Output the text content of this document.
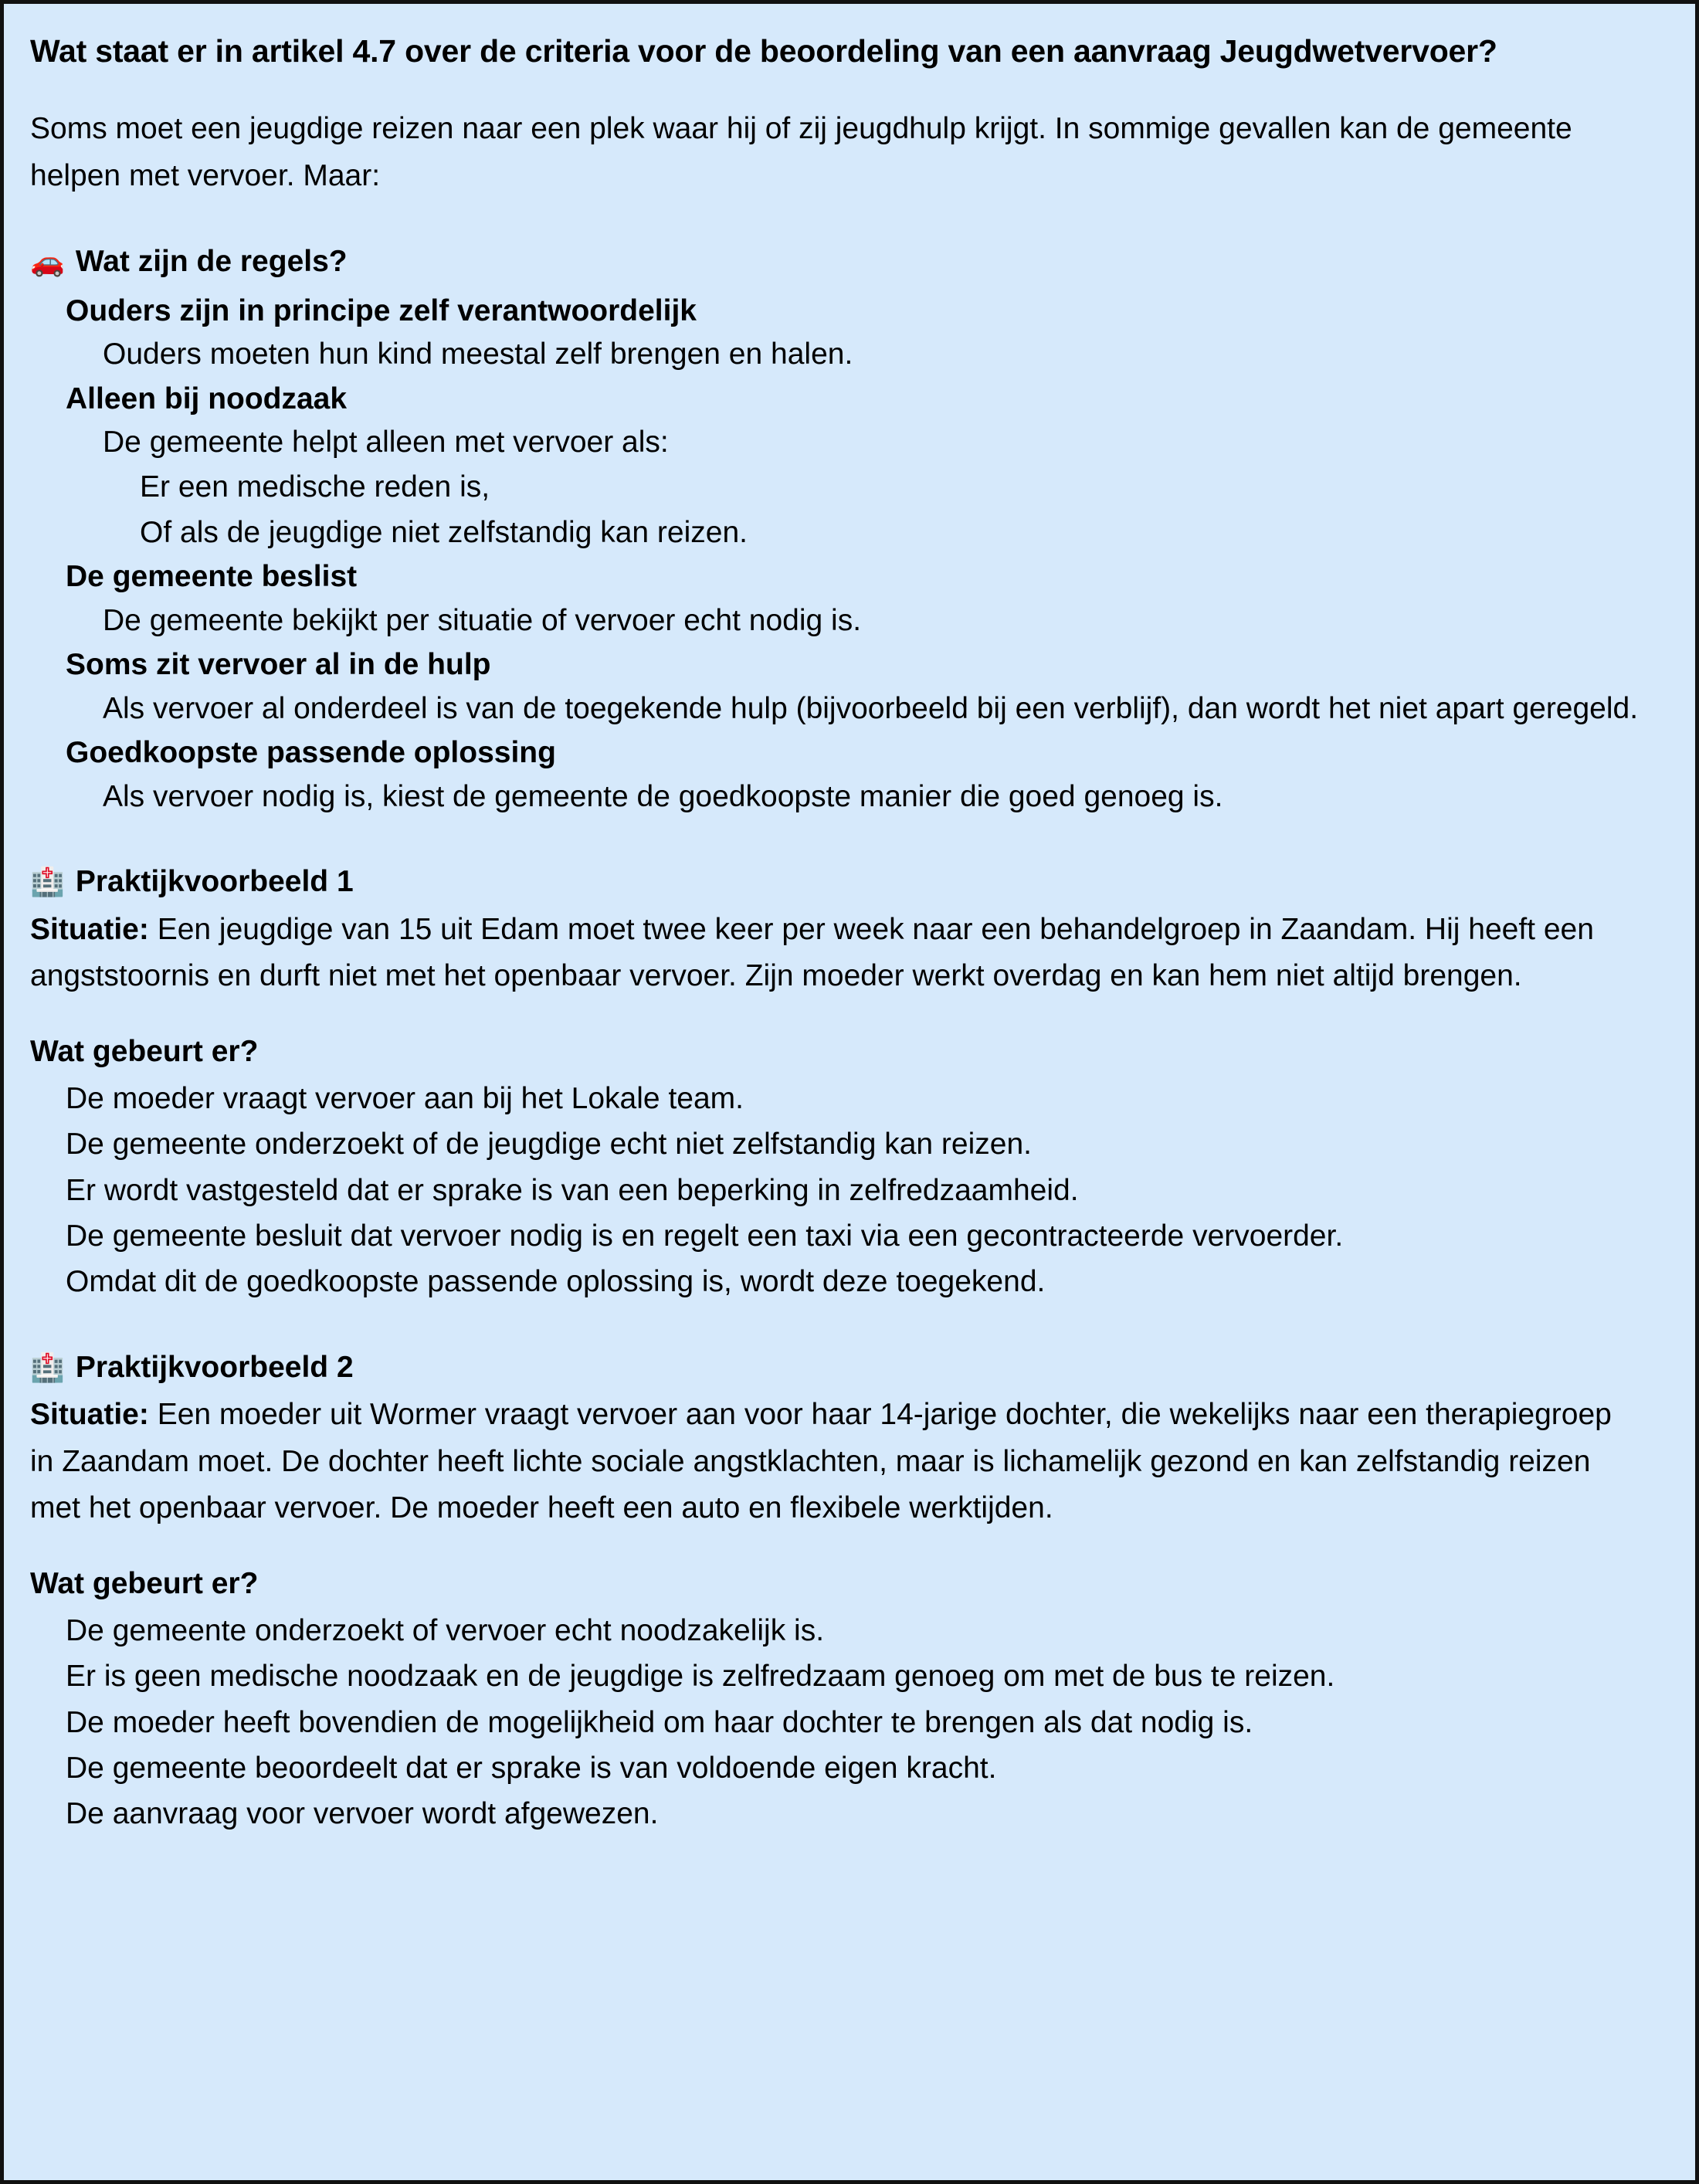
Wat staat er in artikel 4.7 over de criteria voor de beoordeling van een aanvraag Jeugdwetvervoer?

Soms moet een jeugdige reizen naar een plek waar hij of zij jeugdhulp krijgt. In sommige gevallen kan de gemeente helpen met vervoer. Maar:

🚗 Wat zijn de regels?
Ouders zijn in principe zelf verantwoordelijk
Ouders moeten hun kind meestal zelf brengen en halen.
Alleen bij noodzaak
De gemeente helpt alleen met vervoer als:
Er een medische reden is,
Of als de jeugdige niet zelfstandig kan reizen.
De gemeente beslist
De gemeente bekijkt per situatie of vervoer echt nodig is.
Soms zit vervoer al in de hulp
Als vervoer al onderdeel is van de toegekende hulp (bijvoorbeeld bij een verblijf), dan wordt het niet apart geregeld.
Goedkoopste passende oplossing
Als vervoer nodig is, kiest de gemeente de goedkoopste manier die goed genoeg is.
🏥 Praktijkvoorbeeld 1

Situatie: Een jeugdige van 15 uit Edam moet twee keer per week naar een behandelgroep in Zaandam. Hij heeft een angststoornis en durft niet met het openbaar vervoer. Zijn moeder werkt overdag en kan hem niet altijd brengen.

Wat gebeurt er?
De moeder vraagt vervoer aan bij het Lokale team.
De gemeente onderzoekt of de jeugdige echt niet zelfstandig kan reizen.
Er wordt vastgesteld dat er sprake is van een beperking in zelfredzaamheid.
De gemeente besluit dat vervoer nodig is en regelt een taxi via een gecontracteerde vervoerder.
Omdat dit de goedkoopste passende oplossing is, wordt deze toegekend.
🏥 Praktijkvoorbeeld 2

Situatie: Een moeder uit Wormer vraagt vervoer aan voor haar 14-jarige dochter, die wekelijks naar een therapiegroep in Zaandam moet. De dochter heeft lichte sociale angstklachten, maar is lichamelijk gezond en kan zelfstandig reizen met het openbaar vervoer. De moeder heeft een auto en flexibele werktijden.

Wat gebeurt er?
De gemeente onderzoekt of vervoer echt noodzakelijk is.
Er is geen medische noodzaak en de jeugdige is zelfredzaam genoeg om met de bus te reizen.
De moeder heeft bovendien de mogelijkheid om haar dochter te brengen als dat nodig is.
De gemeente beoordeelt dat er sprake is van voldoende eigen kracht.
De aanvraag voor vervoer wordt afgewezen.
